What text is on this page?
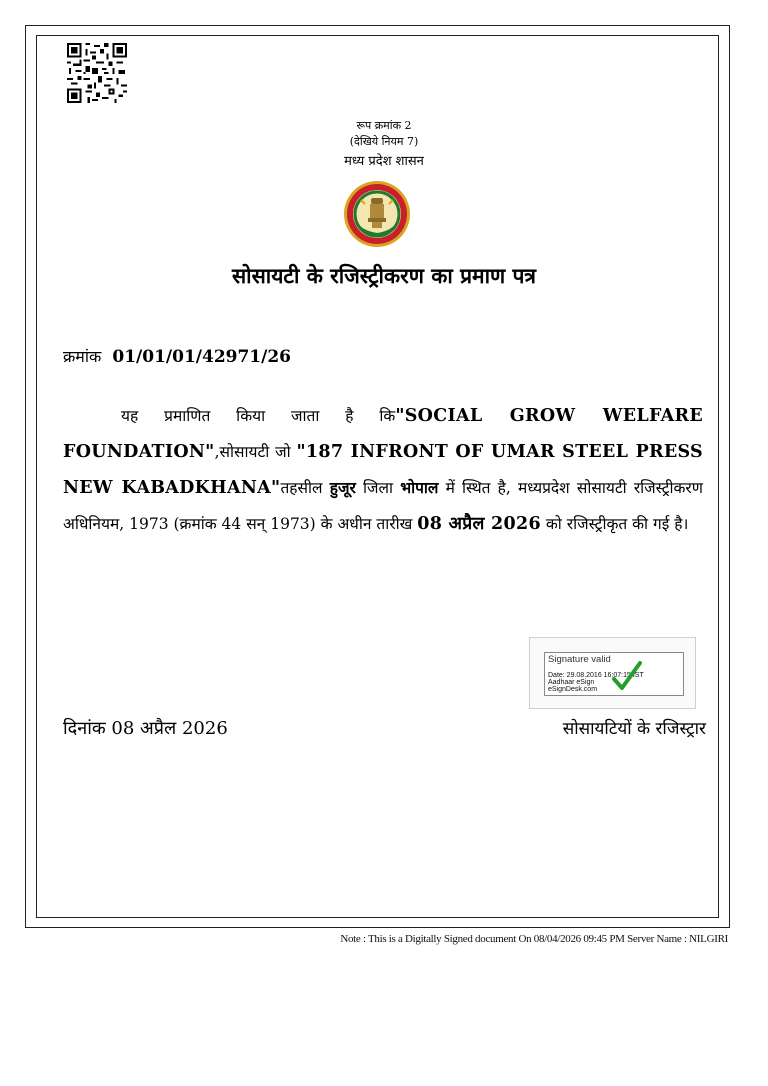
रूप क्रमांक 2
(देखिये नियम 7)
मध्य प्रदेश शासन
सोसायटी के रजिस्ट्रीकरण का प्रमाण पत्र
क्रमांक 01/01/01/42971/26
यह प्रमाणित किया जाता है कि"SOCIAL GROW WELFARE FOUNDATION",सोसायटी जो "187 INFRONT OF UMAR STEEL PRESS NEW KABADKHANA"तहसील हुजूर जिला भोपाल में स्थित है, मध्यप्रदेश सोसायटी रजिस्ट्रीकरण अधिनियम, 1973 (क्रमांक 44 सन् 1973) के अधीन तारीख 08 अप्रैल 2026 को रजिस्ट्रीकृत की गई है।
Signature valid
Date: 29.08.2016 16:07:15 IST
Aadhaar eSign
eSignDesk.com
दिनांक 08 अप्रैल 2026	सोसायटियों के रजिस्ट्रार
Note : This is a Digitally Signed document On 08/04/2026 09:45 PM Server Name : NILGIRI
